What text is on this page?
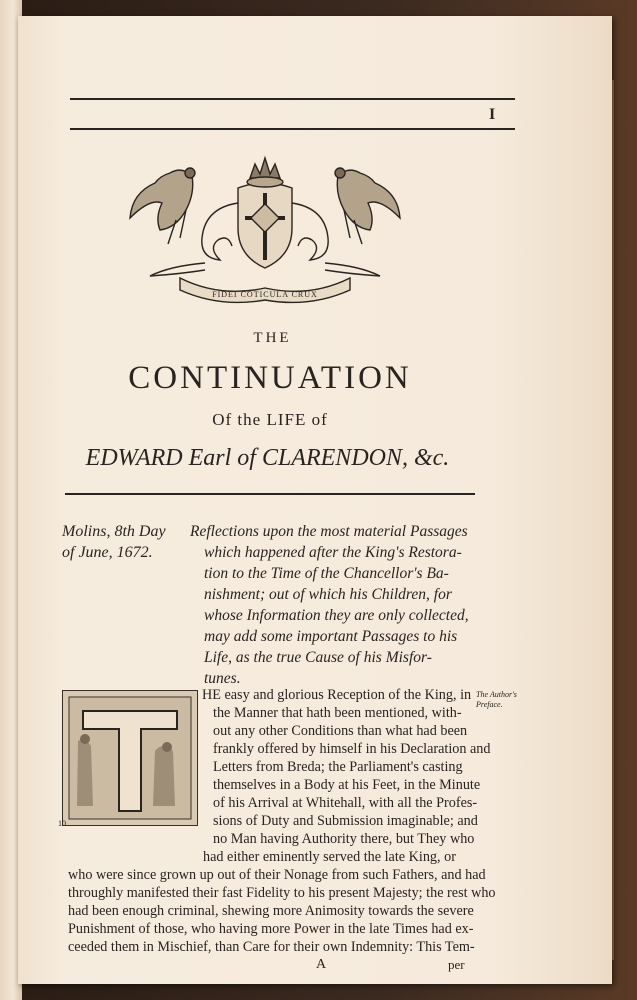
I
FIDEI COTICULA CRUX
THE
CONTINUATION
Of the LIFE of
EDWARD Earl of CLARENDON, &c.
Molins, 8th Day
of June, 1672.
Reflections upon the most material Passages
which happened after the King's Restora-
tion to the Time of the Chancellor's Ba-
nishment; out of which his Children, for
whose Information they are only collected,
may add some important Passages to his
Life, as the true Cause of his Misfor-
tunes.
The Author's
Preface.
10
HE easy and glorious Reception of the King, in
the Manner that hath been mentioned, with-
out any other Conditions than what had been
frankly offered by himself in his Declaration and
Letters from Breda; the Parliament's casting
themselves in a Body at his Feet, in the Minute
of his Arrival at Whitehall, with all the Profes-
sions of Duty and Submission imaginable; and
no Man having Authority there, but They who
had either eminently served the late King, or
who were since grown up out of their Nonage from such Fathers, and had
throughly manifested their fast Fidelity to his present Majesty; the rest who
had been enough criminal, shewing more Animosity towards the severe
Punishment of those, who having more Power in the late Times had ex-
ceeded them in Mischief, than Care for their own Indemnity: This Tem-
A	per
